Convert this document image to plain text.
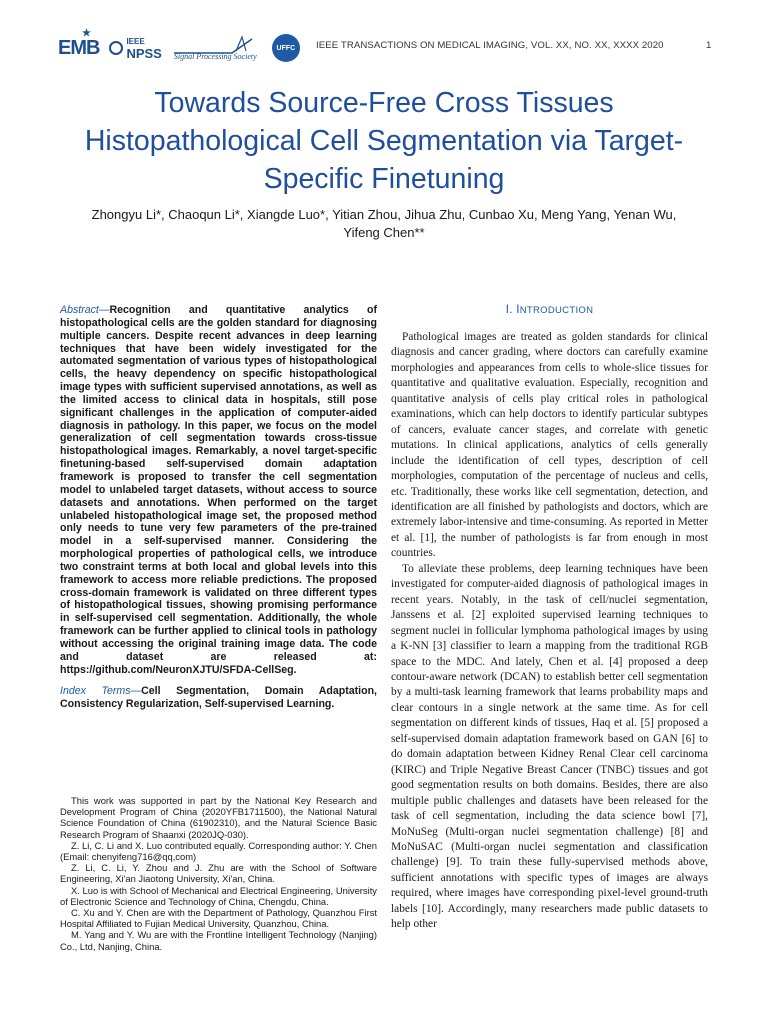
EMB
★
IEEE
NPSS Signal Processing Society
UFFC IEEE TRANSACTIONS ON MEDICAL IMAGING, VOL. XX, NO. XX, XXXX 2020	1
Towards Source-Free Cross Tissues Histopathological Cell Segmentation via Target-Specific Finetuning
Zhongyu Li*, Chaoqun Li*, Xiangde Luo*, Yitian Zhou, Jihua Zhu, Cunbao Xu, Meng Yang, Yenan Wu,
Yifeng Chen**
Abstract—Recognition and quantitative analytics of histopathological cells are the golden standard for diagnosing multiple cancers. Despite recent advances in deep learning techniques that have been widely investigated for the automated segmentation of various types of histopathological cells, the heavy dependency on specific histopathological image types with sufficient supervised annotations, as well as the limited access to clinical data in hospitals, still pose significant challenges in the application of computer-aided diagnosis in pathology. In this paper, we focus on the model generalization of cell segmentation towards cross-tissue histopathological images. Remarkably, a novel target-specific finetuning-based self-supervised domain adaptation framework is proposed to transfer the cell segmentation model to unlabeled target datasets, without access to source datasets and annotations. When performed on the target unlabeled histopathological image set, the proposed method only needs to tune very few parameters of the pre-trained model in a self-supervised manner. Considering the morphological properties of pathological cells, we introduce two constraint terms at both local and global levels into this framework to access more reliable predictions. The proposed cross-domain framework is validated on three different types of histopathological tissues, showing promising performance in self-supervised cell segmentation. Additionally, the whole framework can be further applied to clinical tools in pathology without accessing the original training image data. The code and dataset are released at: https://github.com/NeuronXJTU/SFDA-CellSeg.
Index Terms—Cell Segmentation, Domain Adaptation, Consistency Regularization, Self-supervised Learning.

This work was supported in part by the National Key Research and Development Program of China (2020YFB1711500), the National Natural Science Foundation of China (61902310), and the Natural Science Basic Research Program of Shaanxi (2020JQ-030).

Z. Li, C. Li and X. Luo contributed equally. Corresponding author: Y. Chen (Email: chenyifeng716@qq,com)

Z. Li, C. Li, Y. Zhou and J. Zhu are with the School of Software Engineering, Xi'an Jiaotong University, Xi'an, China.

X. Luo is with School of Mechanical and Electrical Engineering, University of Electronic Science and Technology of China, Chengdu, China.

C. Xu and Y. Chen are with the Department of Pathology, Quanzhou First Hospital Affiliated to Fujian Medical University, Quanzhou, China.

M. Yang and Y. Wu are with the Frontline Intelligent Technology (Nanjing) Co., Ltd, Nanjing, China.

I. INTRODUCTION

Pathological images are treated as golden standards for clinical diagnosis and cancer grading, where doctors can carefully examine morphologies and appearances from cells to whole-slice tissues for quantitative and qualitative evaluation. Especially, recognition and quantitative analysis of cells play critical roles in pathological examinations, which can help doctors to identify particular subtypes of cancers, evaluate cancer stages, and correlate with genetic mutations. In clinical applications, analytics of cells generally include the identification of cell types, description of cell morphologies, computation of the percentage of nucleus and cells, etc. Traditionally, these works like cell segmentation, detection, and identification are all finished by pathologists and doctors, which are extremely labor-intensive and time-consuming. As reported in Metter et al. [1], the number of pathologists is far from enough in most countries.

To alleviate these problems, deep learning techniques have been investigated for computer-aided diagnosis of pathological images in recent years. Notably, in the task of cell/nuclei segmentation, Janssens et al. [2] exploited supervised learning techniques to segment nuclei in follicular lymphoma pathological images by using a K-NN [3] classifier to learn a mapping from the traditional RGB space to the MDC. And lately, Chen et al. [4] proposed a deep contour-aware network (DCAN) to establish better cell segmentation by a multi-task learning framework that learns probability maps and clear contours in a single network at the same time. As for cell segmentation on different kinds of tissues, Haq et al. [5] proposed a self-supervised domain adaptation framework based on GAN [6] to do domain adaptation between Kidney Renal Clear cell carcinoma (KIRC) and Triple Negative Breast Cancer (TNBC) tissues and got good segmentation results on both domains. Besides, there are also multiple public challenges and datasets have been released for the task of cell segmentation, including the data science bowl [7], MoNuSeg (Multi-organ nuclei segmentation challenge) [8] and MoNuSAC (Multi-organ nuclei segmentation and classification challenge) [9]. To train these fully-supervised methods above, sufficient annotations with specific types of images are always required, where images have corresponding pixel-level ground-truth labels [10]. Accordingly, many researchers made public datasets to help other
